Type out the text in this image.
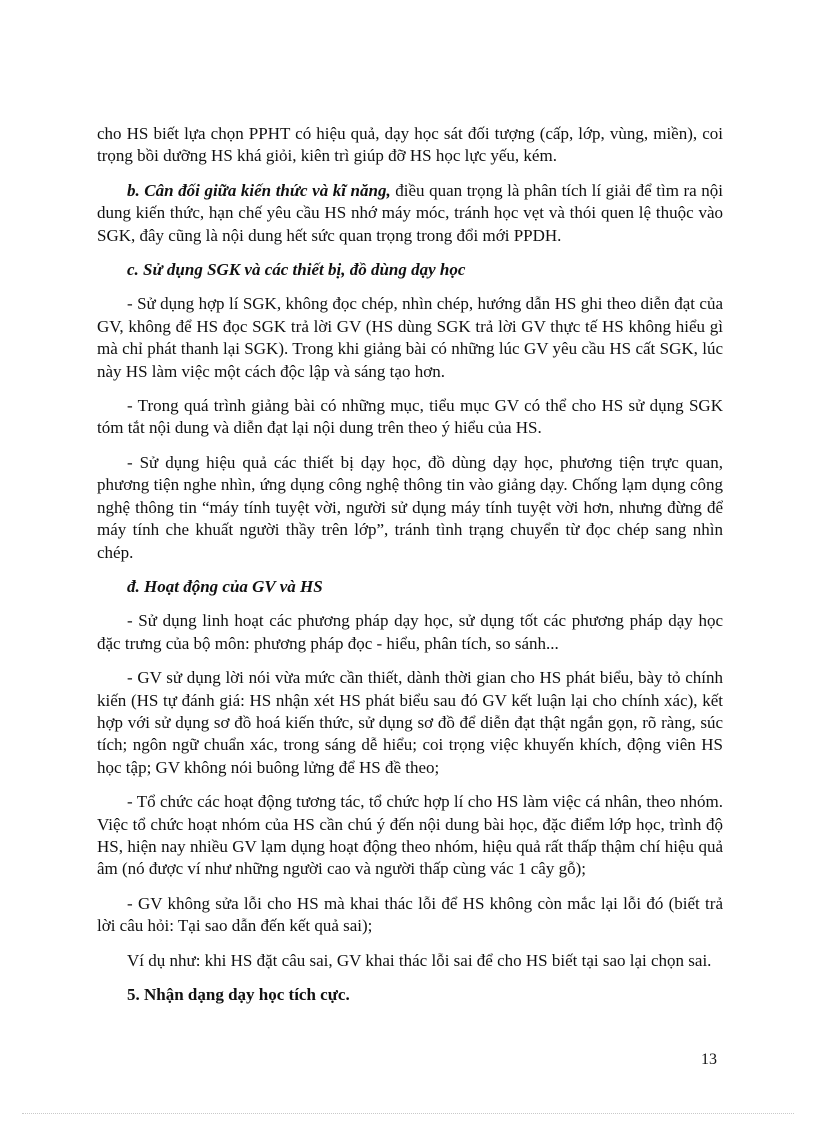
cho HS biết lựa chọn PPHT có hiệu quả, dạy học sát đối tượng (cấp, lớp, vùng, miền), coi trọng bồi dưỡng HS khá giỏi, kiên trì giúp đỡ HS học lực yếu, kém.

b. Cân đối giữa kiến thức và kĩ năng, điều quan trọng là phân tích lí giải để tìm ra nội dung kiến thức, hạn chế yêu cầu HS nhớ máy móc, tránh học vẹt và thói quen lệ thuộc vào SGK, đây cũng là nội dung hết sức quan trọng trong đổi mới PPDH.

c. Sử dụng SGK và các thiết bị, đồ dùng dạy học

- Sử dụng hợp lí SGK, không đọc chép, nhìn chép, hướng dẫn HS ghi theo diễn đạt của GV, không để HS đọc SGK trả lời GV (HS dùng SGK trả lời GV thực tế HS không hiểu gì mà chỉ phát thanh lại SGK). Trong khi giảng bài có những lúc GV yêu cầu HS cất SGK, lúc này HS làm việc một cách độc lập và sáng tạo hơn.

- Trong quá trình giảng bài có những mục, tiểu mục GV có thể cho HS sử dụng SGK tóm tắt nội dung và diễn đạt lại nội dung trên theo ý hiểu của HS.

- Sử dụng hiệu quả các thiết bị dạy học, đồ dùng dạy học, phương tiện trực quan, phương tiện nghe nhìn, ứng dụng công nghệ thông tin vào giảng dạy. Chống lạm dụng công nghệ thông tin “máy tính tuyệt vời, người sử dụng máy tính tuyệt vời hơn, nhưng đừng để máy tính che khuất người thầy trên lớp”, tránh tình trạng chuyển từ đọc chép sang nhìn chép.

đ. Hoạt động của GV và HS

- Sử dụng linh hoạt các phương pháp dạy học, sử dụng tốt các phương pháp dạy học đặc trưng của bộ môn: phương pháp đọc - hiểu, phân tích, so sánh...

- GV sử dụng lời nói vừa mức cần thiết, dành thời gian cho HS phát biểu, bày tỏ chính kiến (HS tự đánh giá: HS nhận xét HS phát biểu sau đó GV kết luận lại cho chính xác), kết hợp với sử dụng sơ đồ hoá kiến thức, sử dụng sơ đồ để diễn đạt thật ngắn gọn, rõ ràng, súc tích; ngôn ngữ chuẩn xác, trong sáng dễ hiểu; coi trọng việc khuyến khích, động viên HS học tập; GV không nói buông lửng để HS đề theo;

- Tổ chức các hoạt động tương tác, tổ chức hợp lí cho HS làm việc cá nhân, theo nhóm. Việc tổ chức hoạt nhóm của HS cần chú ý đến nội dung bài học, đặc điểm lớp học, trình độ HS, hiện nay nhiều GV lạm dụng hoạt động theo nhóm, hiệu quả rất thấp thậm chí hiệu quả âm (nó được ví như những người cao và người thấp cùng vác 1 cây gỗ);

- GV không sửa lỗi cho HS mà khai thác lỗi để HS không còn mắc lại lỗi đó (biết trả lời câu hỏi: Tại sao dẫn đến kết quả sai);

Ví dụ như: khi HS đặt câu sai, GV khai thác lỗi sai để cho HS biết tại sao lại chọn sai.

5. Nhận dạng dạy học tích cực.

13
